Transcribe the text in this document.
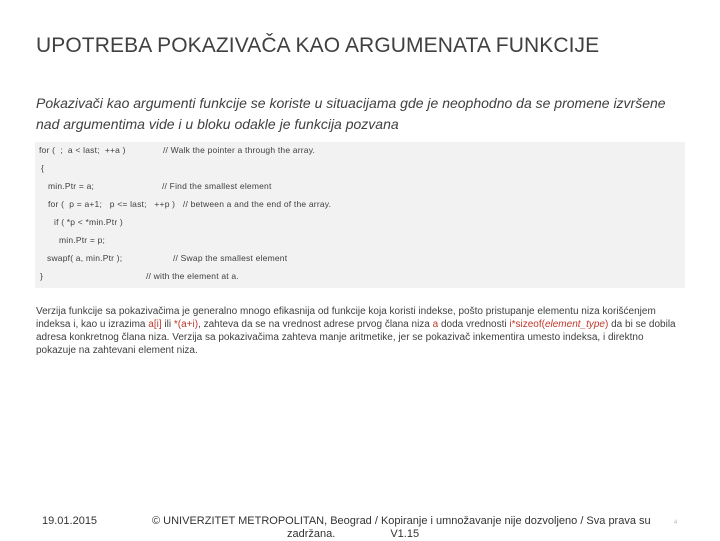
UPOTREBA POKAZIVAČA KAO ARGUMENATA FUNKCIJE
Pokazivači kao argumenti funkcije se koriste u situacijama gde je neophodno da se promene izvršene nad argumentima vide i u bloku odakle je funkcija pozvana
for (  ;  a < last;  ++a )	// Walk the pointer a through the array.
{
min.Ptr = a;	// Find the smallest element
for (  p = a+1;   p <= last;   ++p )   // between a and the end of the array.
if ( *p < *min.Ptr )
min.Ptr = p;
swapf( a, min.Ptr );	// Swap the smallest element
}	// with the element at a.
Verzija funkcije sa pokazivačima je generalno mnogo efikasnija od funkcije koja koristi indekse, pošto pristupanje elementu niza korišćenjem indeksa i, kao u izrazima a[i] ili *(a+i), zahteva da se na vrednost adrese prvog člana niza a doda vrednosti i*sizeof(element_type) da bi se dobila adresa konkretnog člana niza. Verzija sa pokazivačima zahteva manje aritmetike, jer se pokazivač inkementira umesto indeksa, i direktno pokazuje na zahtevani element niza.
19.01.2015	© UNIVERZITET METROPOLITAN, Beograd / Kopiranje i umnožavanje nije dozvoljeno / Sva prava su
zadržana.	V1.15
4
